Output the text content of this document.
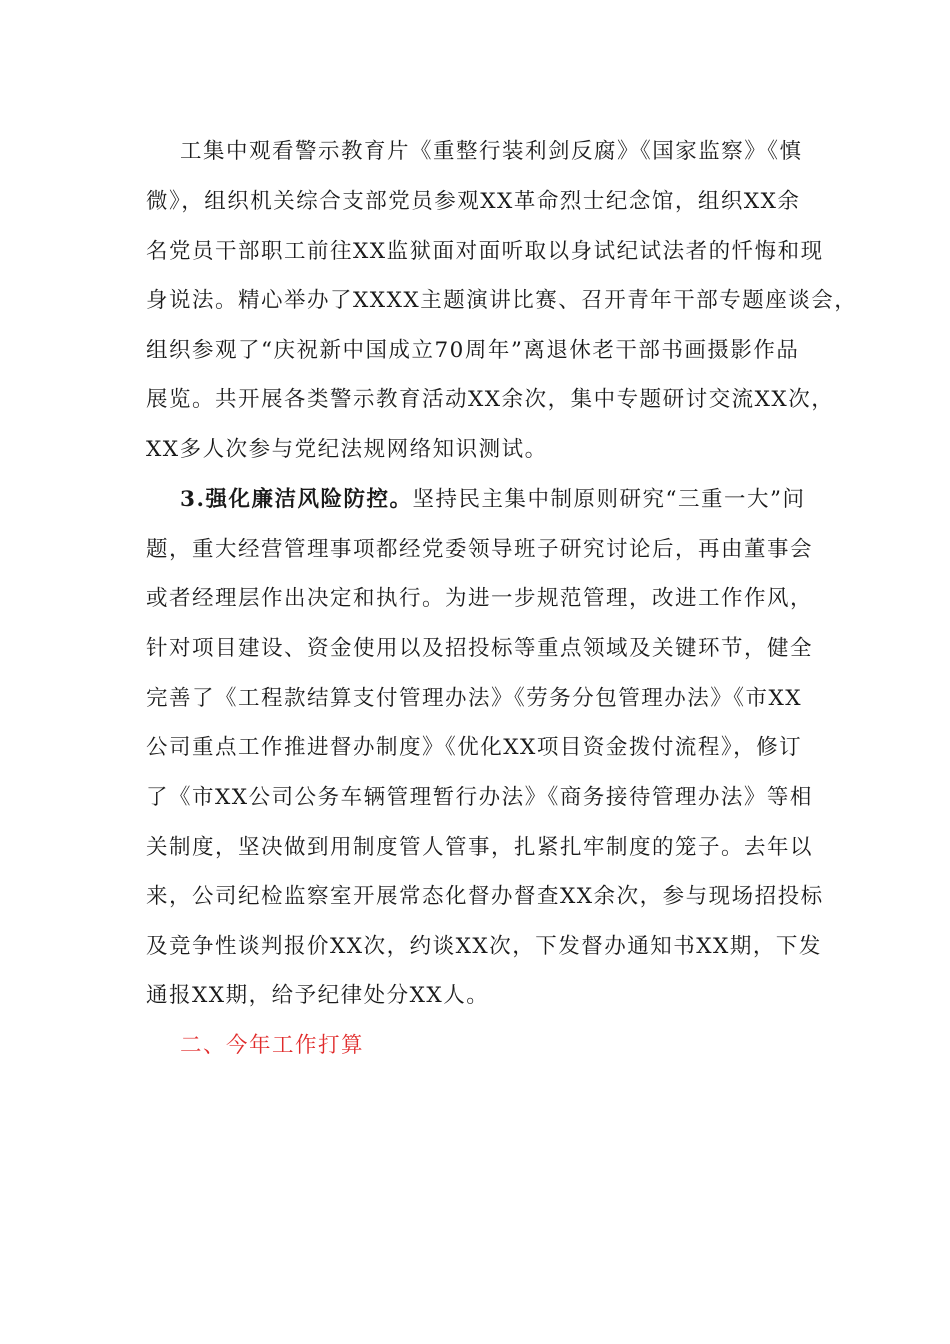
工集中观看警示教育片《重整行装利剑反腐》《国家监察》《慎
微》，组织机关综合支部党员参观XX革命烈士纪念馆，组织XX余
名党员干部职工前往XX监狱面对面听取以身试纪试法者的忏悔和现
身说法。精心举办了XXXX主题演讲比赛、召开青年干部专题座谈会，
组织参观了“庆祝新中国成立70周年”离退休老干部书画摄影作品
展览。共开展各类警示教育活动XX余次，集中专题研讨交流XX次，
XX多人次参与党纪法规网络知识测试。
3.强化廉洁风险防控。坚持民主集中制原则研究“三重一大”问
题，重大经营管理事项都经党委领导班子研究讨论后，再由董事会
或者经理层作出决定和执行。为进一步规范管理，改进工作作风，
针对项目建设、资金使用以及招投标等重点领域及关键环节，健全
完善了《工程款结算支付管理办法》《劳务分包管理办法》《市XX
公司重点工作推进督办制度》《优化XX项目资金拨付流程》，修订
了《市XX公司公务车辆管理暂行办法》《商务接待管理办法》等相
关制度，坚决做到用制度管人管事，扎紧扎牢制度的笼子。去年以
来，公司纪检监察室开展常态化督办督查XX余次，参与现场招投标
及竞争性谈判报价XX次，约谈XX次，下发督办通知书XX期，下发
通报XX期，给予纪律处分XX人。
二、今年工作打算
